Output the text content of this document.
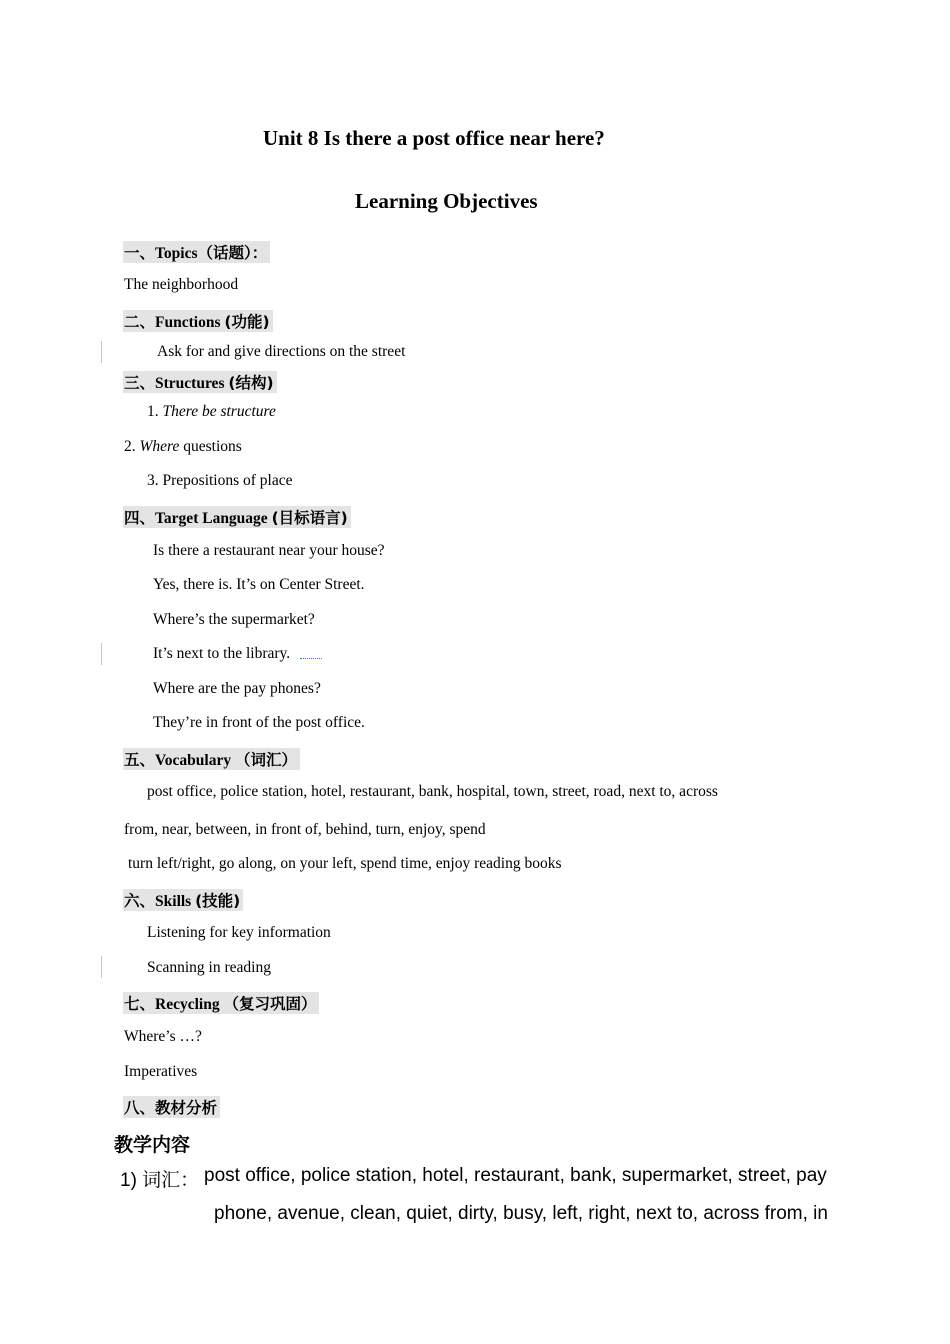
Unit 8 Is there a post office near here?
Learning Objectives
一、Topics（话题）：
The neighborhood
二、Functions (功能)
Ask for and give directions on the street
三、Structures (结构)
1. There be structure
2. Where questions
3. Prepositions of place
四、Target Language (目标语言)
Is there a restaurant near your house?
Yes, there is. It’s on Center Street.
Where’s the supermarket?
It’s next to the library.
Where are the pay phones?
They’re in front of the post office.
五、Vocabulary （词汇）
post office, police station, hotel, restaurant, bank, hospital, town, street, road, next to, across
from, near, between, in front of, behind, turn, enjoy, spend
turn left/right, go along, on your left, spend time, enjoy reading books
六、Skills (技能)
Listening for key information
Scanning in reading
七、Recycling （复习巩固）
Where’s …?
Imperatives
八、教材分析
教学内容
1) 词汇： post office, police station, hotel, restaurant, bank, supermarket, street, pay
phone, avenue, clean, quiet, dirty, busy, left, right, next to, across from, in
